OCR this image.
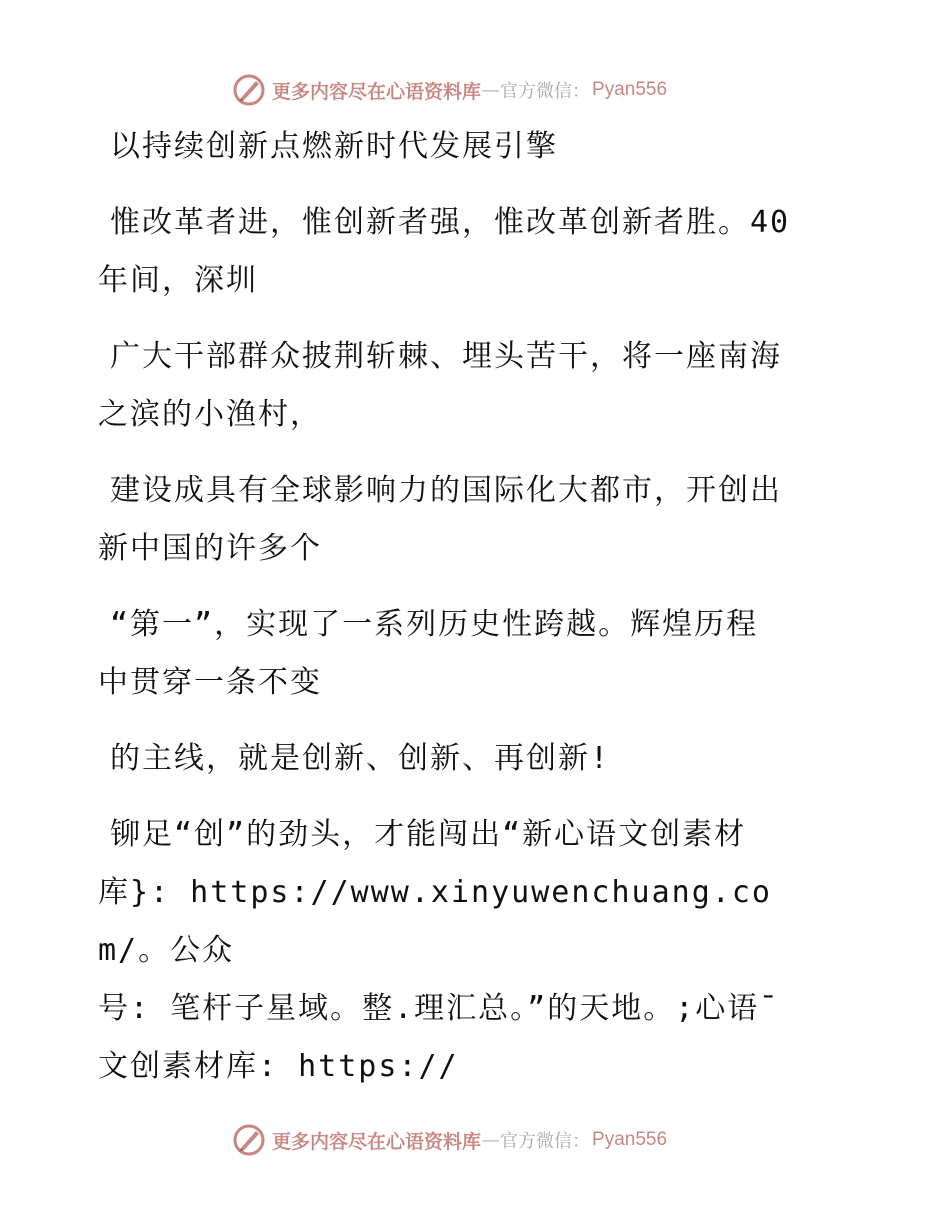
更多内容尽在心语资料库 — 官方微信： Pyan556

以持续创新点燃新时代发展引擎

惟改革者进，惟创新者强，惟改革创新者胜。40
年间，深圳

广大干部群众披荆斩棘、埋头苦干，将一座南海
之滨的小渔村，

建设成具有全球影响力的国际化大都市，开创出
新中国的许多个

“第一”，实现了一系列历史性跨越。辉煌历程
中贯穿一条不变

的主线，就是创新、创新、再创新!

铆足“创”的劲头，才能闯出“新心语文创素材
库}: https://www.xinyuwenchuang.com/。公众
号: 笔杆子星域。整.理汇总。”的天地。;心语¯
文创素材库: https://

更多内容尽在心语资料库 — 官方微信： Pyan556
